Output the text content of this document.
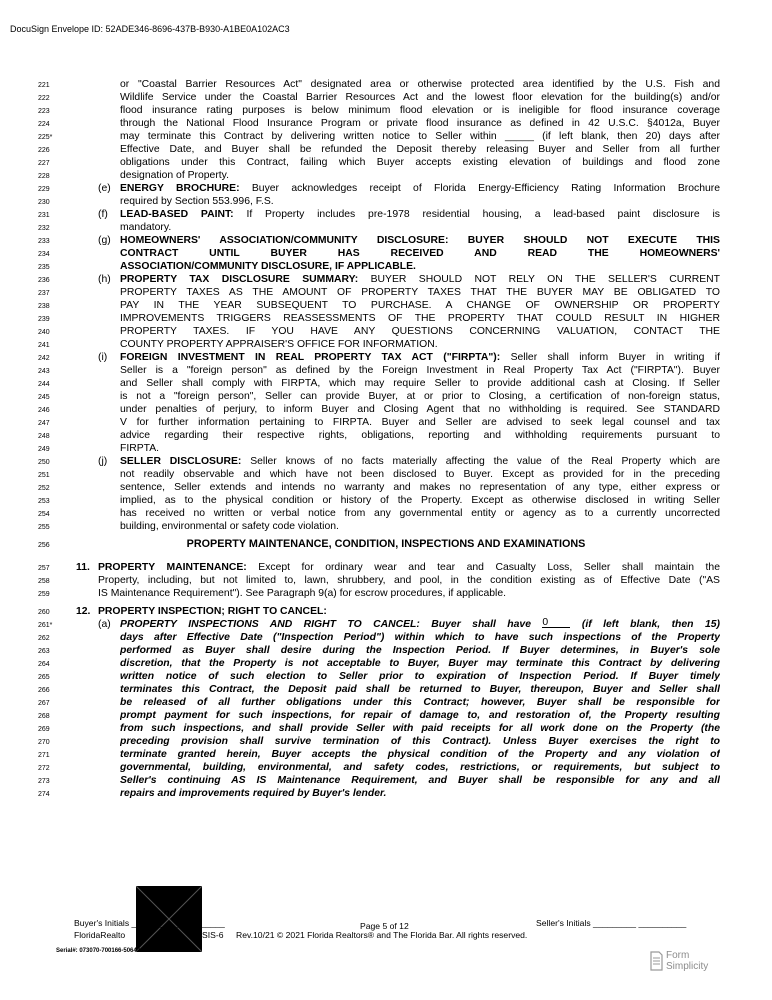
DocuSign Envelope ID: 52ADE346-8696-437B-B930-A1BE0A102AC3
221	or "Coastal Barrier Resources Act" designated area or otherwise protected area identified by the U.S. Fish and
222	Wildlife Service under the Coastal Barrier Resources Act and the lowest floor elevation for the building(s) and/or
223	flood insurance rating purposes is below minimum flood elevation or is ineligible for flood insurance coverage
224	through the National Flood Insurance Program or private flood insurance as defined in 42 U.S.C. §4012a, Buyer
225*	may terminate this Contract by delivering written notice to Seller within _____ (if left blank, then 20) days after
226	Effective Date, and Buyer shall be refunded the Deposit thereby releasing Buyer and Seller from all further
227	obligations under this Contract, failing which Buyer accepts existing elevation of buildings and flood zone
228	designation of Property.
229	(e) ENERGY BROCHURE: Buyer acknowledges receipt of Florida Energy-Efficiency Rating Information Brochure
230	required by Section 553.996, F.S.
231	(f) LEAD-BASED PAINT: If Property includes pre-1978 residential housing, a lead-based paint disclosure is
232	mandatory.
233	(g) HOMEOWNERS' ASSOCIATION/COMMUNITY DISCLOSURE: BUYER SHOULD NOT EXECUTE THIS
234	CONTRACT UNTIL BUYER HAS RECEIVED AND READ THE HOMEOWNERS'
235	ASSOCIATION/COMMUNITY DISCLOSURE, IF APPLICABLE.
236	(h) PROPERTY TAX DISCLOSURE SUMMARY: BUYER SHOULD NOT RELY ON THE SELLER'S CURRENT
237	PROPERTY TAXES AS THE AMOUNT OF PROPERTY TAXES THAT THE BUYER MAY BE OBLIGATED TO
238	PAY IN THE YEAR SUBSEQUENT TO PURCHASE. A CHANGE OF OWNERSHIP OR PROPERTY
239	IMPROVEMENTS TRIGGERS REASSESSMENTS OF THE PROPERTY THAT COULD RESULT IN HIGHER
240	PROPERTY TAXES. IF YOU HAVE ANY QUESTIONS CONCERNING VALUATION, CONTACT THE
241	COUNTY PROPERTY APPRAISER'S OFFICE FOR INFORMATION.
242	(i) FOREIGN INVESTMENT IN REAL PROPERTY TAX ACT ("FIRPTA"): Seller shall inform Buyer in writing if
243	Seller is a "foreign person" as defined by the Foreign Investment in Real Property Tax Act ("FIRPTA"). Buyer
244	and Seller shall comply with FIRPTA, which may require Seller to provide additional cash at Closing. If Seller
245	is not a "foreign person", Seller can provide Buyer, at or prior to Closing, a certification of non-foreign status,
246	under penalties of perjury, to inform Buyer and Closing Agent that no withholding is required. See STANDARD
247	V for further information pertaining to FIRPTA. Buyer and Seller are advised to seek legal counsel and tax
248	advice regarding their respective rights, obligations, reporting and withholding requirements pursuant to
249	FIRPTA.
250	(j) SELLER DISCLOSURE: Seller knows of no facts materially affecting the value of the Real Property which are
251	not readily observable and which have not been disclosed to Buyer. Except as provided for in the preceding
252	sentence, Seller extends and intends no warranty and makes no representation of any type, either express or
253	implied, as to the physical condition or history of the Property. Except as otherwise disclosed in writing Seller
254	has received no written or verbal notice from any governmental entity or agency as to a currently uncorrected
255	building, environmental or safety code violation.
256	PROPERTY MAINTENANCE, CONDITION, INSPECTIONS AND EXAMINATIONS
257	11. PROPERTY MAINTENANCE: Except for ordinary wear and tear and Casualty Loss, Seller shall maintain the
258	Property, including, but not limited to, lawn, shrubbery, and pool, in the condition existing as of Effective Date ("AS
259	IS Maintenance Requirement"). See Paragraph 9(a) for escrow procedures, if applicable.
260	12. PROPERTY INSPECTION; RIGHT TO CANCEL:
261*	(a) PROPERTY INSPECTIONS AND RIGHT TO CANCEL: Buyer shall have 0 (if left blank, then 15)
262	days after Effective Date ("Inspection Period") within which to have such inspections of the Property
263	performed as Buyer shall desire during the Inspection Period. If Buyer determines, in Buyer's sole
264	discretion, that the Property is not acceptable to Buyer, Buyer may terminate this Contract by delivering
265	written notice of such election to Seller prior to expiration of Inspection Period. If Buyer timely
266	terminates this Contract, the Deposit paid shall be returned to Buyer, thereupon, Buyer and Seller shall
267	be released of all further obligations under this Contract; however, Buyer shall be responsible for
268	prompt payment for such inspections, for repair of damage to, and restoration of, the Property resulting
269	from such inspections, and shall provide Seller with paid receipts for all work done on the Property (the
270	preceding provision shall survive termination of this Contract). Unless Buyer exercises the right to
271	terminate granted herein, Buyer accepts the physical condition of the Property and any violation of
272	governmental, building, environmental, and safety codes, restrictions, or requirements, but subject to
273	Seller's continuing AS IS Maintenance Requirement, and Buyer shall be responsible for any and all
274	repairs and improvements required by Buyer's lender.
Buyer's Initials _________ __________	Page 5 of 12	Seller's Initials _________ __________
FloridaRealto	SIS-6 Rev.10/21 © 2021 Florida Realtors® and The Florida Bar. All rights reserved.
Serial#: 073070-700166-5064204	Form
Simplicity
